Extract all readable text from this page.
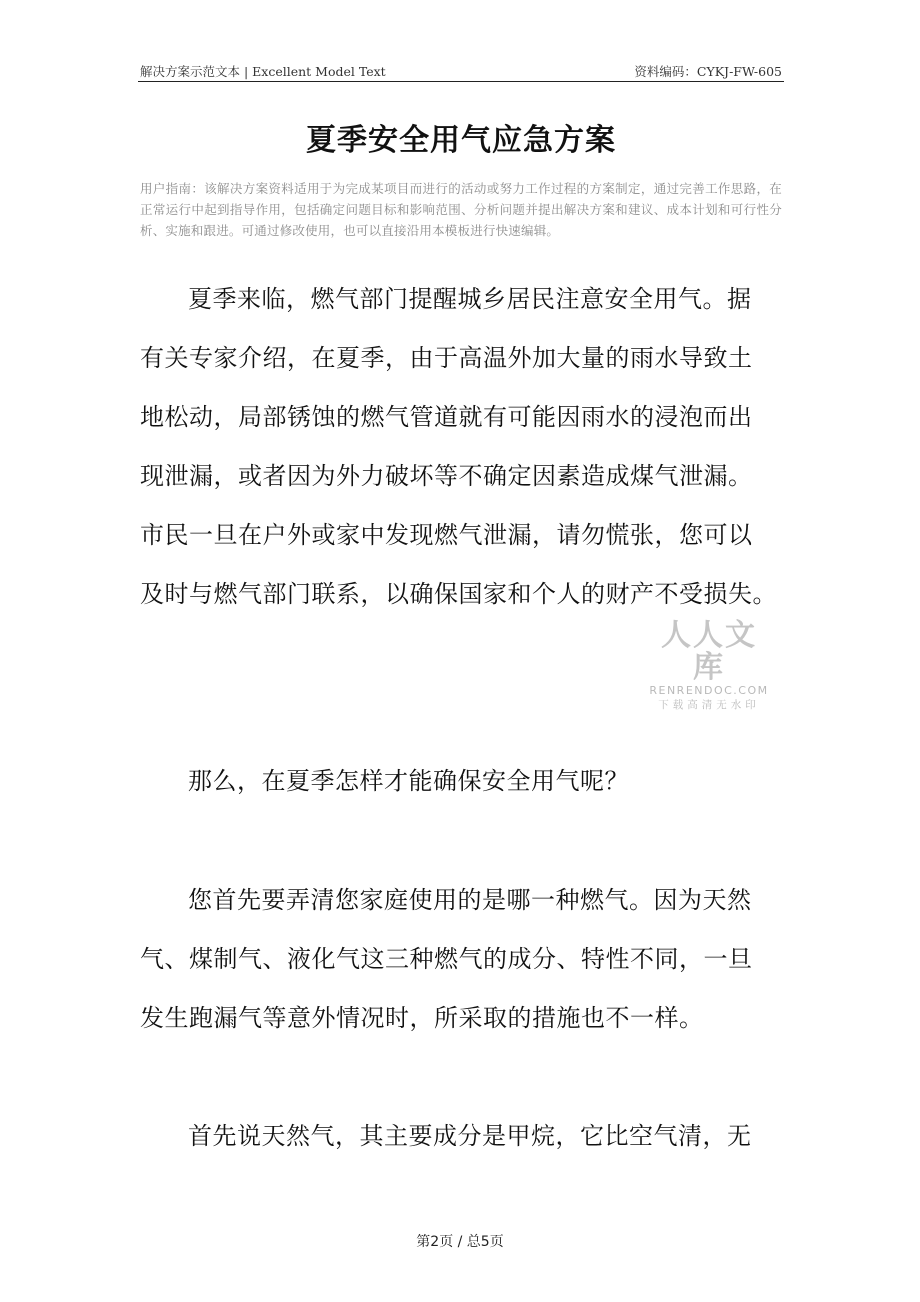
解决方案示范文本 | Excellent Model Text	资料编码：CYKJ-FW-605
夏季安全用气应急方案
用户指南：该解决方案资料适用于为完成某项目而进行的活动或努力工作过程的方案制定，通过完善工作思路，在正常运行中起到指导作用，包括确定问题目标和影响范围、分析问题并提出解决方案和建议、成本计划和可行性分析、实施和跟进。可通过修改使用，也可以直接沿用本模板进行快速编辑。

夏季来临，燃气部门提醒城乡居民注意安全用气。据
有关专家介绍，在夏季，由于高温外加大量的雨水导致土
地松动，局部锈蚀的燃气管道就有可能因雨水的浸泡而出
现泄漏，或者因为外力破坏等不确定因素造成煤气泄漏。
市民一旦在户外或家中发现燃气泄漏，请勿慌张，您可以
及时与燃气部门联系，以确保国家和个人的财产不受损失。

那么，在夏季怎样才能确保安全用气呢？

您首先要弄清您家庭使用的是哪一种燃气。因为天然
气、煤制气、液化气这三种燃气的成分、特性不同，一旦
发生跑漏气等意外情况时，所采取的措施也不一样。

首先说天然气，其主要成分是甲烷，它比空气清，无

人人文库
RENRENDOC.COM
下载高清无水印
第2页 / 总5页
